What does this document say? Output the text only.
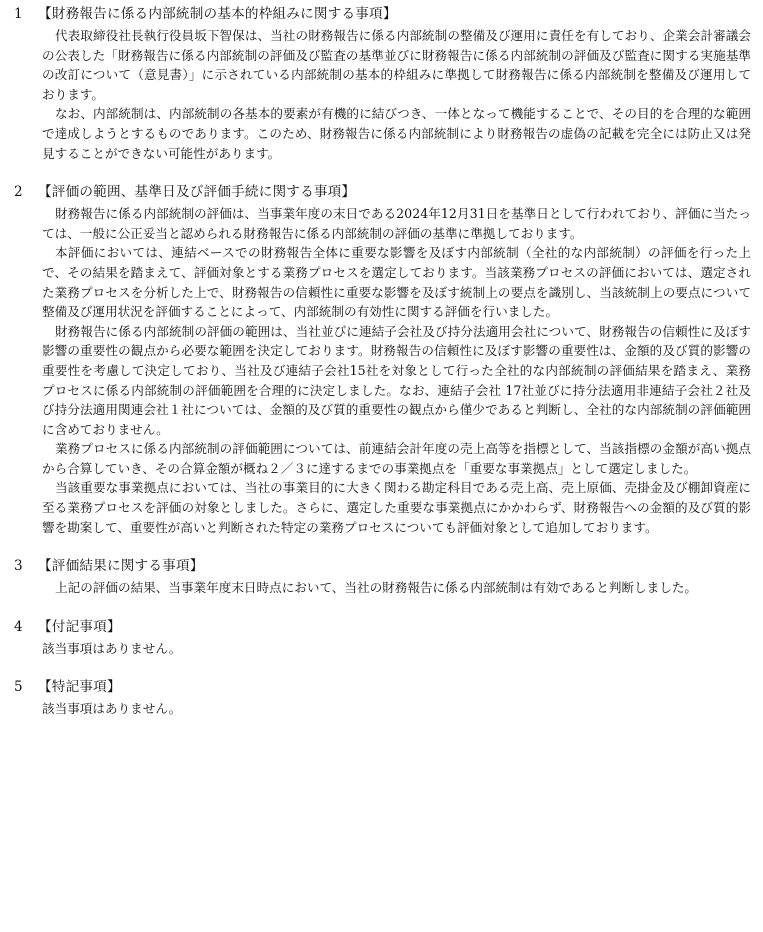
1	【財務報告に係る内部統制の基本的枠組みに関する事項】

代表取締役社長執行役員坂下智保は、当社の財務報告に係る内部統制の整備及び運用に責任を有しており、企業会計審議会の公表した「財務報告に係る内部統制の評価及び監査の基準並びに財務報告に係る内部統制の評価及び監査に関する実施基準の改訂について（意見書）」に示されている内部統制の基本的枠組みに準拠して財務報告に係る内部統制を整備及び運用しております。

なお、内部統制は、内部統制の各基本的要素が有機的に結びつき、一体となって機能することで、その目的を合理的な範囲で達成しようとするものであります。このため、財務報告に係る内部統制により財務報告の虚偽の記載を完全には防止又は発見することができない可能性があります。

2	【評価の範囲、基準日及び評価手続に関する事項】

財務報告に係る内部統制の評価は、当事業年度の末日である2024年12月31日を基準日として行われており、評価に当たっては、一般に公正妥当と認められる財務報告に係る内部統制の評価の基準に準拠しております。

本評価においては、連結ベースでの財務報告全体に重要な影響を及ぼす内部統制（全社的な内部統制）の評価を行った上で、その結果を踏まえて、評価対象とする業務プロセスを選定しております。当該業務プロセスの評価においては、選定された業務プロセスを分析した上で、財務報告の信頼性に重要な影響を及ぼす統制上の要点を識別し、当該統制上の要点について整備及び運用状況を評価することによって、内部統制の有効性に関する評価を行いました。

財務報告に係る内部統制の評価の範囲は、当社並びに連結子会社及び持分法適用会社について、財務報告の信頼性に及ぼす影響の重要性の観点から必要な範囲を決定しております。財務報告の信頼性に及ぼす影響の重要性は、金額的及び質的影響の重要性を考慮して決定しており、当社及び連結子会社15社を対象として行った全社的な内部統制の評価結果を踏まえ、業務プロセスに係る内部統制の評価範囲を合理的に決定しました。なお、連結子会社 17社並びに持分法適用非連結子会社２社及び持分法適用関連会社１社については、金額的及び質的重要性の観点から僅少であると判断し、全社的な内部統制の評価範囲に含めておりません。

業務プロセスに係る内部統制の評価範囲については、前連結会計年度の売上高等を指標として、当該指標の金額が高い拠点から合算していき、その合算金額が概ね２／３に達するまでの事業拠点を「重要な事業拠点」として選定しました。

当該重要な事業拠点においては、当社の事業目的に大きく関わる勘定科目である売上高、売上原価、売掛金及び棚卸資産に至る業務プロセスを評価の対象としました。さらに、選定した重要な事業拠点にかかわらず、財務報告への金額的及び質的影響を勘案して、重要性が高いと判断された特定の業務プロセスについても評価対象として追加しております。

3	【評価結果に関する事項】

上記の評価の結果、当事業年度末日時点において、当社の財務報告に係る内部統制は有効であると判断しました。

4	【付記事項】

該当事項はありません。

5	【特記事項】

該当事項はありません。
